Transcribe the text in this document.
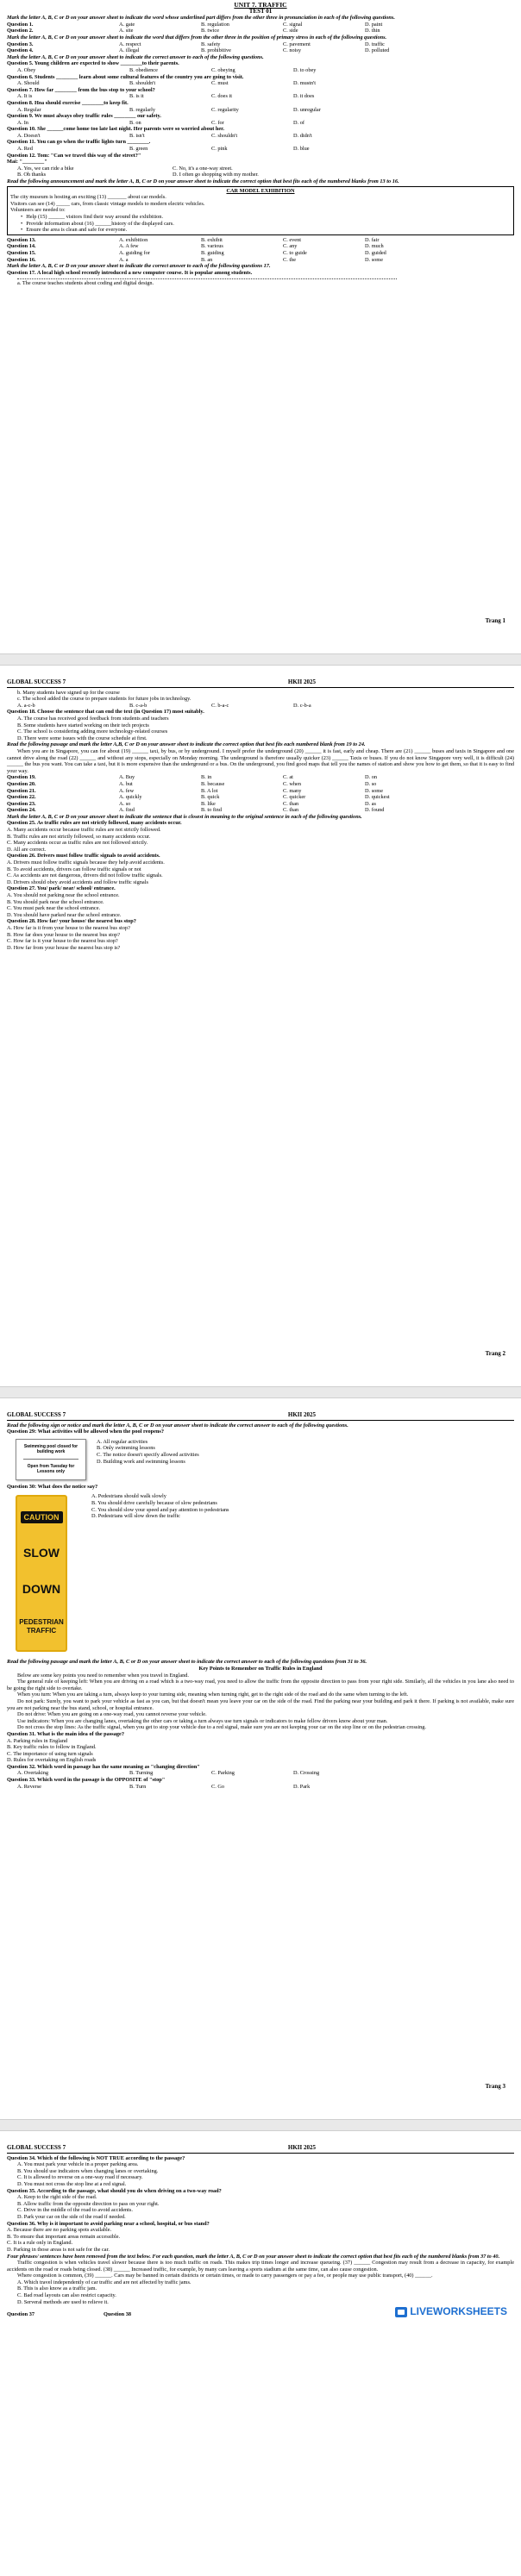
UNIT 7. TRAFFIC
TEST 01
Mark the letter A, B, C or D on your answer sheet to indicate the word whose underlined part differs from the other three in pronunciation in each of the following questions.
Question 1.	A. gate	B. regulation	C. signal	D. paint
Question 2.	A. site	B. twice	C. side	D. thin
Mark the letter A, B, C or D on your answer sheet to indicate the word that differs from the other three in the position of primary stress in each of the following questions.
Question 3.	A. respect	B. safety	C. pavement	D. traffic
Question 4.	A. illegal	B. prohibitive	C. noisy	D. polluted
Mark the letter A, B, C or D on your answer sheet to indicate the correct answer to each of the following questions.
Question 5. Young children are expected to show ________to their parents.
A. Obey	B. obedience	C. obeying	D. to obey
Question 6. Students ________ learn about some cultural features of the country you are going to visit.
A. Should	B. shouldn't	C. must	D. mustn't
Question 7. How far ________ from the bus stop to your school?
A. It is	B. is it	C. does it	D. it does
Question 8. Hoa should exercise ________to keep fit.
A. Regular	B. regularly	C. regularity	D. unregular
Question 9. We must always obey traffic rules ________ our safety.
A. In	B. on	C. for	D. of
Question 10. She ______come home too late last night. Her parents were so worried about her.
A. Doesn't	B. isn't	C. shouldn't	D. didn't
Question 11. You can go when the traffic lights turn ________.
A. Red	B. green	C. pink	D. blue
Question 12. Tom: "Can we travel this way of the street?"
Mai: "________"
A. Yes, we can ride a bike	C. No, it's a one-way street.
B. Oh thanks	D. I often go shopping with my mother.
Read the following announcement and mark the letter A, B, C or D on your answer sheet to indicate the correct option that best fits each of the numbered blanks from 13 to 16.
CAR MODEL EXHIBITION
The city museum is hosting an exciting (13) _______ about car models.
Visitors can see (14) _____ cars, from classic vintage models to modern electric vehicles.
Volunteers are needed to:
• Help (15) ______ visitors find their way around the exhibition.
• Provide information about (16) ______history of the displayed cars.
• Ensure the area is clean and safe for everyone.
Question 13.	A. exhibition	B. exhibit	C. event	D. fair
Question 14.	A. A few	B. various	C. any	D. much
Question 15.	A. guiding for	B. guiding	C. to guide	D. guided
Question 16.	A. a	B. an	C. the	D. some
Mark the letter A, B, C or D on your answer sheet to indicate the correct answer to each of the following questions 17.
Question 17. A local high school recently introduced a new computer course. It is popular among students.
a. The course teaches students about coding and digital design.
Trang 1
GLOBAL SUCCESS 7	HKII 2025
b. Many students have signed up for the course
c. The school added the course to prepare students for future jobs in technology.
A. a-c-b	B. c-a-b	C. b-a-c	D. c-b-a
Question 18. Choose the sentence that can end the text (in Question 17) most suitably.
A. The course has received good feedback from students and teachers
B. Some students have started working on their tech projects
C. The school is considering adding more technology-related courses
D. There were some issues with the course schedule at first.
Read the following passage and mark the letter A,B, C or D on your answer sheet to indicate the correct option that best fits each numbered blank from 19 to 24.

When you are in Singapore, you can for about (19) ______ taxi, by bus, or by underground. I myself prefer the underground (20) ______ it is fast, early and cheap. There are (21) ______ buses and taxis in Singapore and one cannot drive along the road (22) ______ and without any stops, especially on Monday morning. The underground is therefore usually quicker (23) ______ Taxis or buses. If you do not know Singapore very well, it is difficult (24) ______ the bus you want. You can take a taxi, but it is more expensive than the underground or a bus. On the underground, you find good maps that tell you the names of station and show you how to get them, so that it is easy to find your way.

Question 19.	A. Buy	B. in	C. at	D. on
Question 20.	A. but	B. because	C. when	D. so
Question 21.	A. few	B. A lot	C. many	D. some
Question 22.	A. quickly	B. quick	C. quicker	D. quickest
Question 23.	A. so	B. like	C. than	D. as
Question 24.	A. find	B. to find	C. than	D. found
Mark the letter A, B, C or D on your answer sheet to indicate the sentence that is closest in meaning to the original sentence in each of the following questions.
Question 25. As traffic rules are not strictly followed, many accidents occur.
A. Many accidents occur because traffic rules are not strictly followed.
B. Traffic rules are not strictly followed, so many accidents occur.
C. Many accidents occur as traffic rules are not followed strictly.
D. All are correct.
Question 26. Drivers must follow traffic signals to avoid accidents.
A. Drivers must follow traffic signals because they help avoid accidents.
B. To avoid accidents, drivers can follow traffic signals or not
C. As accidents are not dangerous, drivers did not follow traffic signals.
D. Drivers should obey avoid accidents and follow traffic signals
Question 27. You/ park/ near/ school/ entrance.
A. You should not parking near the school entrance.
B. You should park near the school entrance.
C. You must park near the school entrance.
D. You should have parked near the school entrance.
Question 28. How far/ your house/ the nearest bus stop?
A. How far is it from your house to the nearest bus stop?
B. How far does your house to the nearest bus stop?
C. How far is it your house to the nearest bus stop?
D. How far from your house the nearest bus stop is?
Trang 2
GLOBAL SUCCESS 7	HKII 2025
Read the following sign or notice and mark the letter A, B, C or D on your answer sheet to indicate the correct answer to each of the following questions.
Question 29: What activities will be allowed when the pool reopens?
Swimming pool closed for building work
Open from Tuesday for Lessons only
A. All regular activities
B. Only swimming lessons
C. The notice doesn't specify allowed activities
D. Building work and swimming lessons
Question 30: What does the notice say?
CAUTION
SLOW
DOWN
PEDESTRIAN
TRAFFIC
A. Pedestrians should walk slowly
B. You should drive carefully because of slow pedestrians
C. You should slow your speed and pay attention to pedestrians
D. Pedestrians will slow down the traffic
Read the following passage and mark the letter A, B, C or D on your answer sheet to indicate the correct answer to each of the following questions from 31 to 36.
Key Points to Remember on Traffic Rules in England

Below are some key points you need to remember when you travel in England.

The general rule of keeping left: When you are driving on a road which is a two-way road, you need to allow the traffic from the opposite direction to pass from your right side. Similarly, all the vehicles in you lane also need to be going the right side to overtake.

When you turn: When you are taking a turn, always keep to your turning side, meaning when turning right, get to the right side of the road and do the same when turning to the left.

Do not park: Surely, you want to park your vehicle as fast as you can, but that doesn't mean you leave your car on the side of the road. Find the parking near your building and park it there. If parking is not available, make sure you are not parking near the bus stand, school, or hospital entrance.

Do not drive: When you are going on a one-way road, you cannot reverse your vehicle.

Use indicators: When you are changing lanes, overtaking the other cars or taking a turn always use turn signals or indicators to make fellow drivers know about your man.

Do not cross the stop lines: As the traffic signal, when you get to stop your vehicle due to a red signal, make sure you are not keeping your car on the stop line or on the pedestrian crossing.

Question 31. What is the main idea of the passage?
A. Parking rules in England
B. Key traffic rules to follow in England.
C. The importance of using turn signals
D. Rules for overtaking on English roads
Question 32. Which word in passage has the same meaning as "changing direction"
A. Overtaking	B. Turning	C. Parking	D. Crossing
Question 33. Which word in the passage is the OPPOSITE of "stop"
A. Reverse	B. Turn	C. Go	D. Park
Trang 3
GLOBAL SUCCESS 7	HKII 2025
Question 34. Which of the following is NOT TRUE according to the passage?
A. You must park your vehicle in a proper parking area.
B. You should use indicators when changing lanes or overtaking.
C. It is allowed to reverse on a one-way road if necessary.
D. You must not cross the stop line at a red signal.
Question 35. According to the passage, what should you do when driving on a two-way road?
A. Keep to the right side of the road.
B. Allow traffic from the opposite direction to pass on your right.
C. Drive in the middle of the road to avoid accidents.
D. Park your car on the side of the road if needed.
Question 36. Why is it important to avoid parking near a school, hospital, or bus stand?
A. Because there are no parking spots available.
B. To ensure that important areas remain accessible.
C. It is a rule only in England.
D. Parking in those areas is not safe for the car.
Four phrases/ sentences have been removed from the text below. For each question, mark the letter A, B, C or D on your answer sheet to indicate the correct option that best fits each of the numbered blanks from 37 to 40.

Traffic congestion is when vehicles travel slower because there is too much traffic on roads. This makes trip times longer and increase queueing. (37) ______ Congestion may result from a decrease in capacity, for example accidents on the road or roads being closed. (38) ______ Increased traffic, for example, by many cars leaving a sports stadium at the same time, can also cause congestion.

Where congestion is common, (39) ______. Cars may be banned in certain districts or certain times, or made to carry passengers or pay a fee, or people may use public transport, (40) ______.

A. Which travel independently of car traffic and are not affected by traffic jams.
B. This is also know as a traffic jam.
C. Bad road layouts can also restrict capacity.
D. Serveral methods are used to relieve it.
Question 37	Question 38	LIVEWORKSHEETS
